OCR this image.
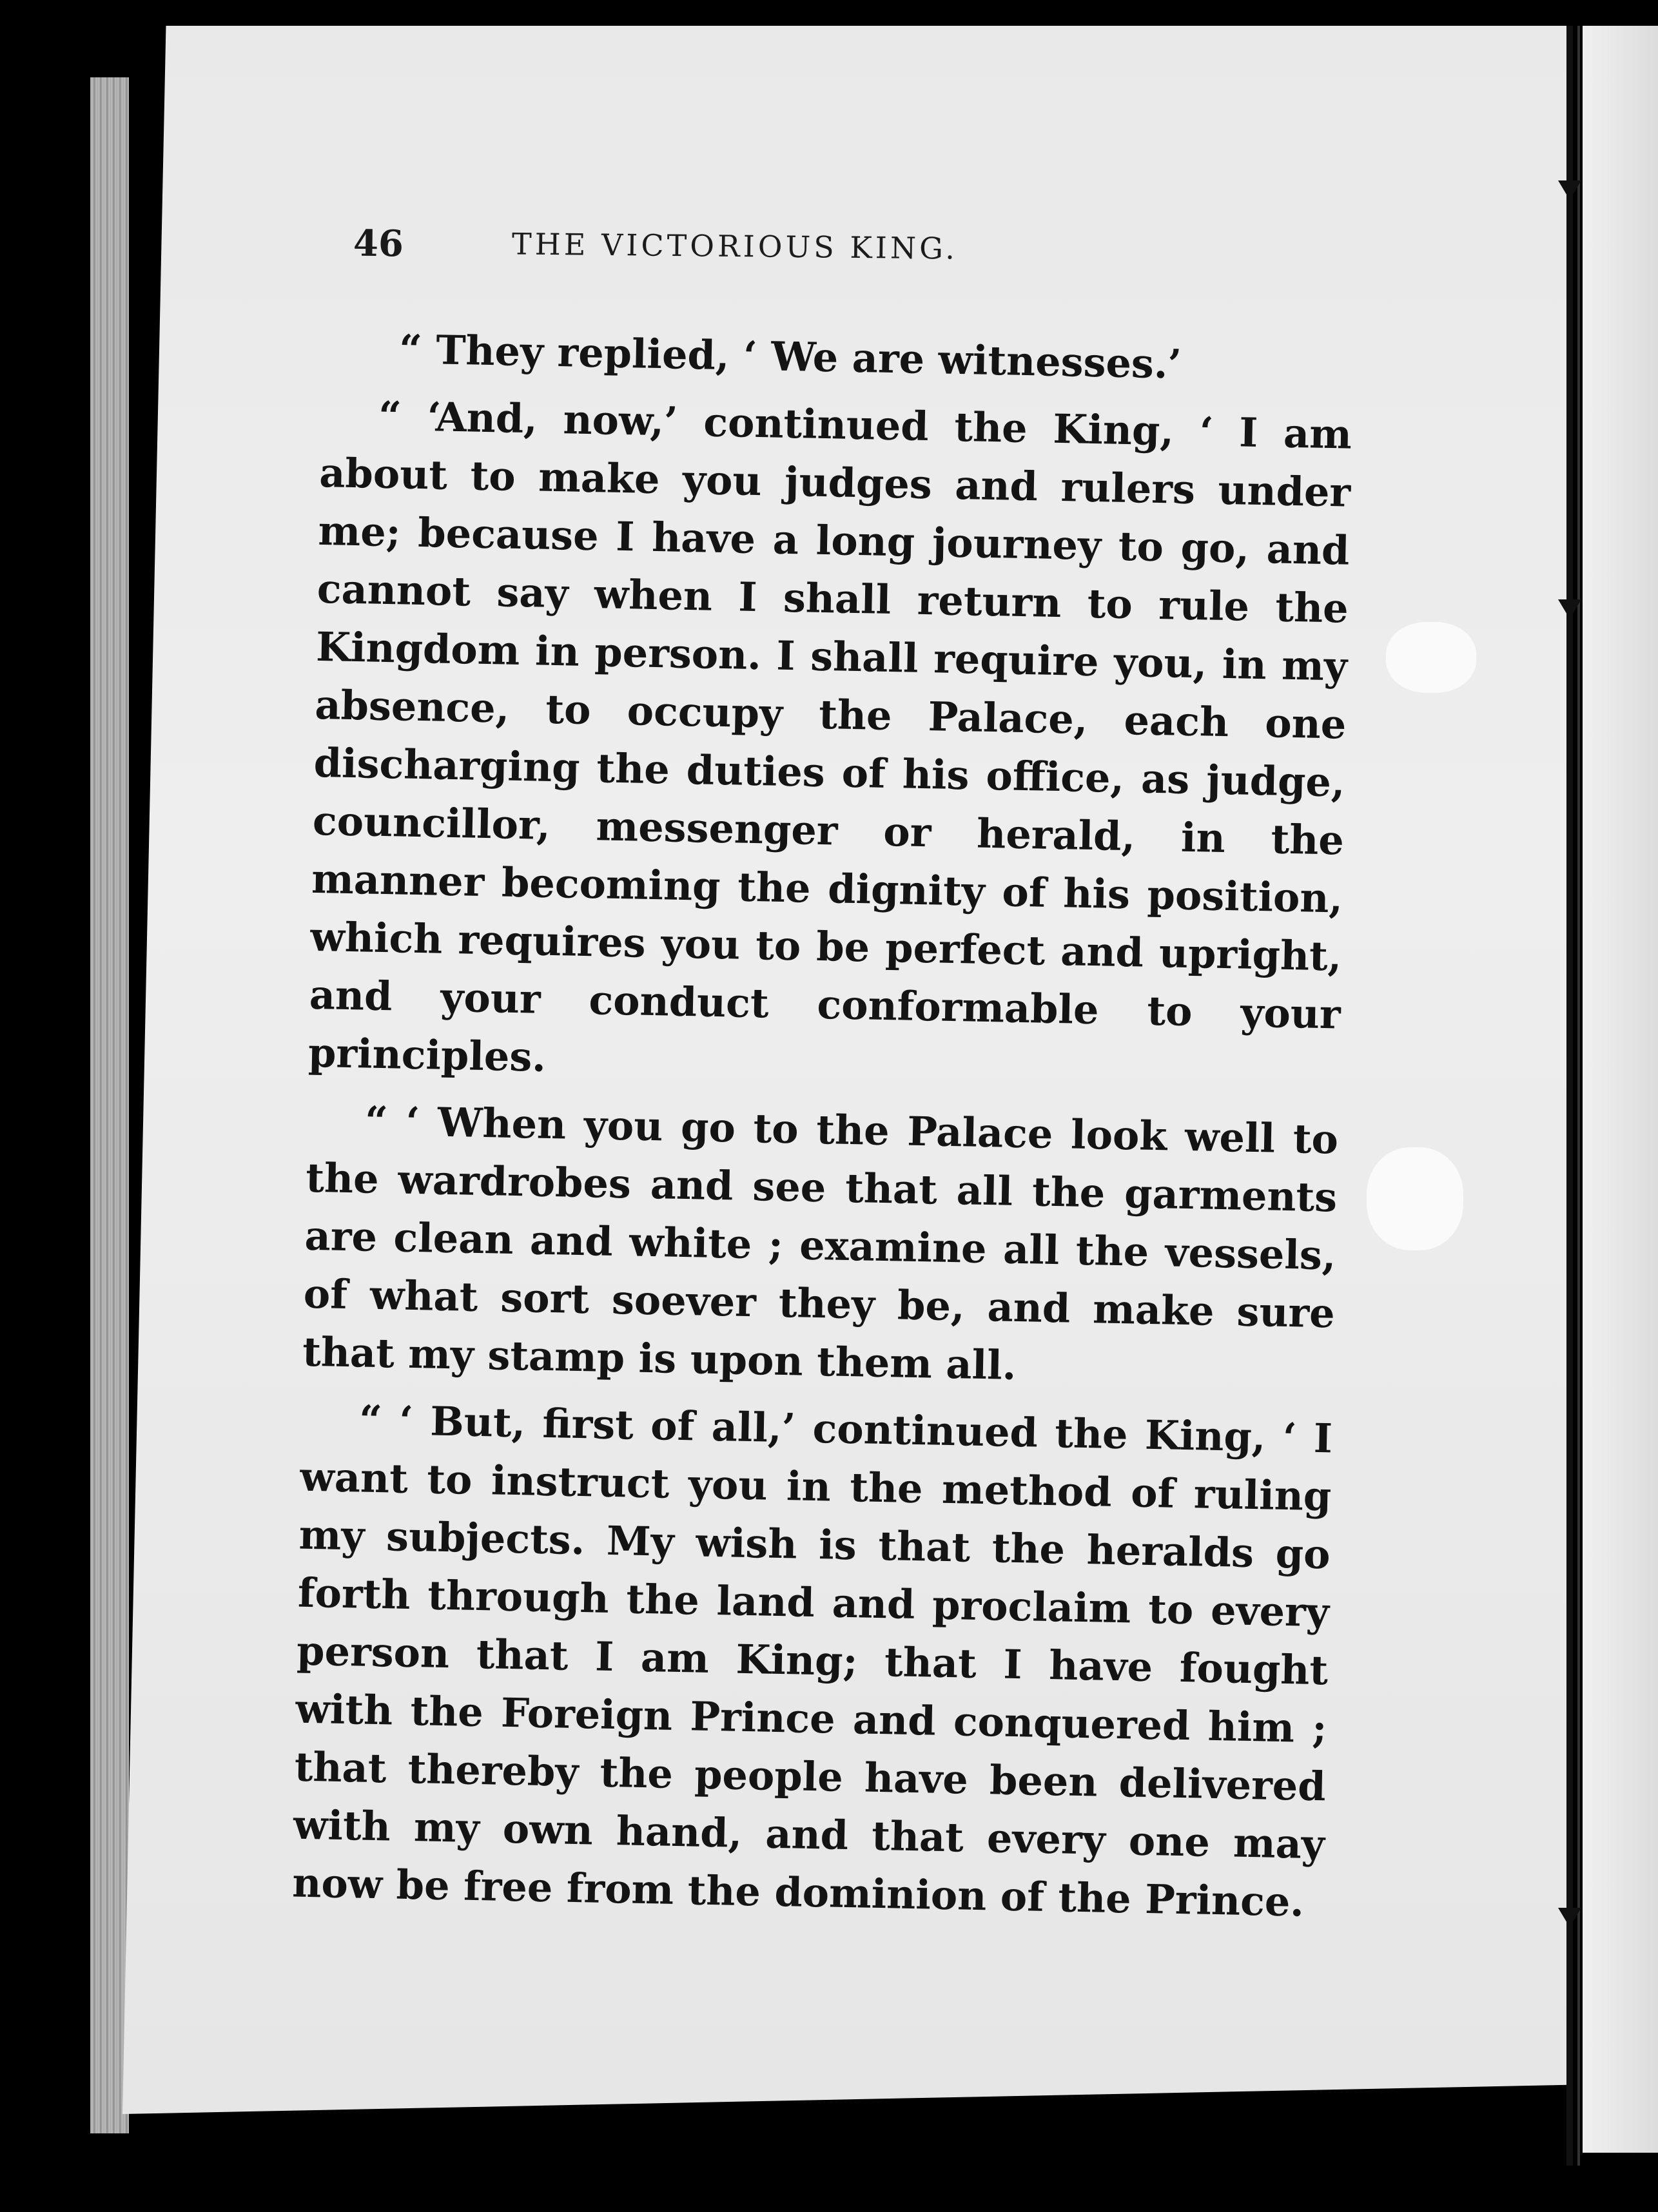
46	THE VICTORIOUS KING.

“ They replied, ‘ We are witnesses.’

“ ‘And, now,’ continued the King, ‘ I am about to make you judges and rulers under me; because I have a long journey to go, and cannot say when I shall return to rule the Kingdom in person. I shall require you, in my absence, to occupy the Palace, each one discharging the duties of his office, as judge, councillor, messenger or herald, in the manner becoming the dignity of his position, which requires you to be perfect and upright, and your conduct conformable to your principles.

“ ‘ When you go to the Palace look well to the wardrobes and see that all the garments are clean and white ; examine all the vessels, of what sort soever they be, and make sure that my stamp is upon them all.

“ ‘ But, first of all,’ continued the King, ‘ I want to instruct you in the method of ruling my subjects. My wish is that the heralds go forth through the land and proclaim to every person that I am King; that I have fought with the Foreign Prince and conquered him ; that thereby the people have been delivered with my own hand, and that every one may now be free from the dominion of the Prince.
